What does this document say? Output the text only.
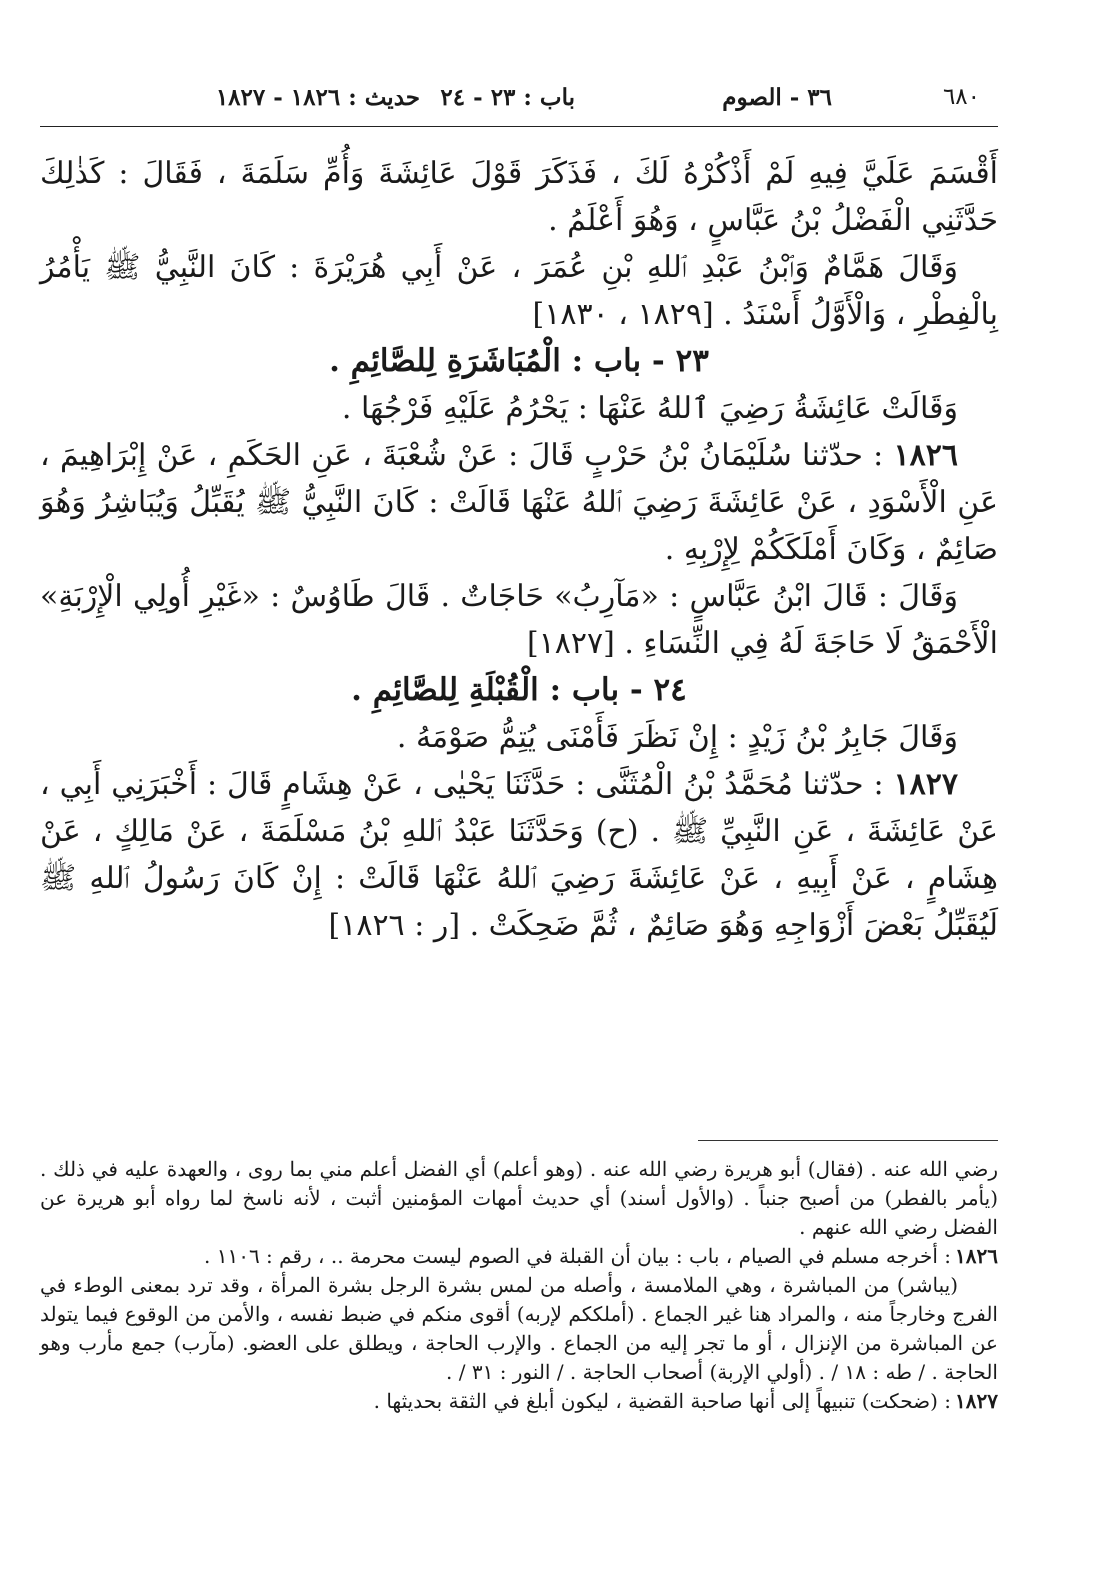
٦٨٠
٣٦ - الصوم
باب : ٢٣ - ٢٤
حديث : ١٨٢٦ - ١٨٢٧

أَقْسَمَ عَلَيَّ فِيهِ لَمْ أَذْكُرْهُ لَكَ ، فَذَكَرَ قَوْلَ عَائِشَةَ وَأُمِّ سَلَمَةَ ، فَقَالَ : كَذٰلِكَ حَدَّثَنِي الْفَضْلُ بْنُ عَبَّاسٍ ، وَهُوَ أَعْلَمُ .

وَقَالَ هَمَّامٌ وَٱبْنُ عَبْدِ ٱللهِ بْنِ عُمَرَ ، عَنْ أَبِي هُرَيْرَةَ : كَانَ النَّبِيُّ ﷺ يَأْمُرُ بِالْفِطْرِ ، وَالْأَوَّلُ أَسْنَدُ . [١٨٢٩ ، ١٨٣٠]

٢٣ - باب : الْمُبَاشَرَةِ لِلصَّائِمِ .

وَقَالَتْ عَائِشَةُ رَضِيَ ٱللهُ عَنْهَا : يَحْرُمُ عَلَيْهِ فَرْجُهَا .

١٨٢٦ : حدّثنا سُلَيْمَانُ بْنُ حَرْبٍ قَالَ : عَنْ شُعْبَةَ ، عَنِ الحَكَمِ ، عَنْ إِبْرَاهِيمَ ، عَنِ الْأَسْوَدِ ، عَنْ عَائِشَةَ رَضِيَ ٱللهُ عَنْهَا قَالَتْ : كَانَ النَّبِيُّ ﷺ يُقَبِّلُ وَيُبَاشِرُ وَهُوَ صَائِمٌ ، وَكَانَ أَمْلَكَكُمْ لِإِرْبِهِ .

وَقَالَ : قَالَ ابْنُ عَبَّاسٍ : «مَآرِبُ» حَاجَاتٌ . قَالَ طَاوُسٌ : «غَيْرِ أُولِي الْإِرْبَةِ» الْأَحْمَقُ لَا حَاجَةَ لَهُ فِي النِّسَاءِ . [١٨٢٧]

٢٤ - باب : الْقُبْلَةِ لِلصَّائِمِ .

وَقَالَ جَابِرُ بْنُ زَيْدٍ : إِنْ نَظَرَ فَأَمْنَى يُتِمُّ صَوْمَهُ .

١٨٢٧ : حدّثنا مُحَمَّدُ بْنُ الْمُثَنَّى : حَدَّثَنَا يَحْيٰى ، عَنْ هِشَامٍ قَالَ : أَخْبَرَنِي أَبِي ، عَنْ عَائِشَةَ ، عَنِ النَّبِيِّ ﷺ . (ح) وَحَدَّثَنَا عَبْدُ ٱللهِ بْنُ مَسْلَمَةَ ، عَنْ مَالِكٍ ، عَنْ هِشَامٍ ، عَنْ أَبِيهِ ، عَنْ عَائِشَةَ رَضِيَ ٱللهُ عَنْهَا قَالَتْ : إِنْ كَانَ رَسُولُ ٱللهِ ﷺ لَيُقَبِّلُ بَعْضَ أَزْوَاجِهِ وَهُوَ صَائِمٌ ، ثُمَّ ضَحِكَتْ . [ر : ١٨٢٦]

رضي الله عنه . (فقال) أبو هريرة رضي الله عنه . (وهو أعلم) أي الفضل أعلم مني بما روى ، والعهدة عليه في ذلك . (يأمر بالفطر) من أصبح جنباً . (والأول أسند) أي حديث أمهات المؤمنين أثبت ، لأنه ناسخ لما رواه أبو هريرة عن الفضل رضي الله عنهم .

١٨٢٦: أخرجه مسلم في الصيام ، باب : بيان أن القبلة في الصوم ليست محرمة .. ، رقم : ١١٠٦ .

(يباشر) من المباشرة ، وهي الملامسة ، وأصله من لمس بشرة الرجل بشرة المرأة ، وقد ترد بمعنى الوطء في الفرج وخارجاً منه ، والمراد هنا غير الجماع . (أملككم لإربه) أقوى منكم في ضبط نفسه ، والأمن من الوقوع فيما يتولد عن المباشرة من الإنزال ، أو ما تجر إليه من الجماع . والإرب الحاجة ، ويطلق على العضو. (مآرب) جمع مأرب وهو الحاجة . / طه : ١٨ / . (أولي الإربة) أصحاب الحاجة . / النور : ٣١ / .

١٨٢٧: (ضحكت) تنبيهاً إلى أنها صاحبة القضية ، ليكون أبلغ في الثقة بحديثها .
